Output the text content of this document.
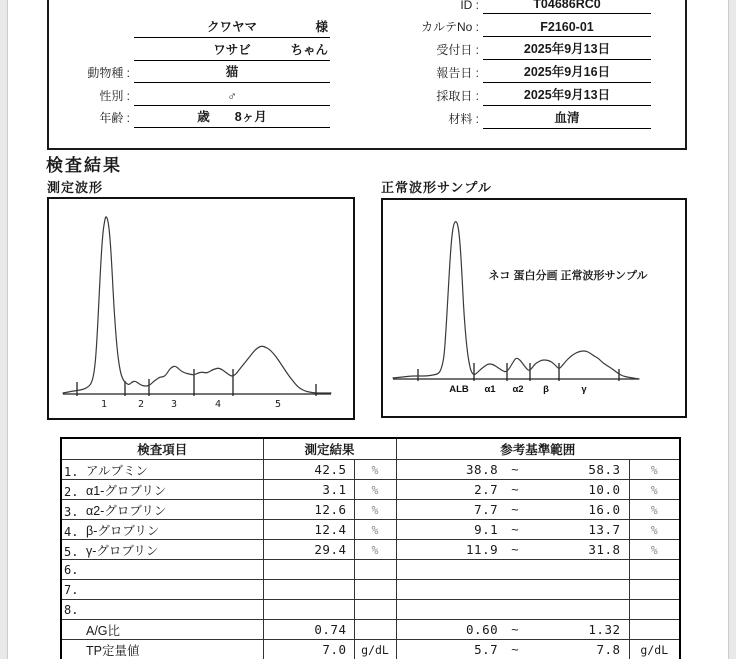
クワヤマ	様
ワサビ	ちゃん
動物種 :	猫
性別 :	♂
年齢 :	歳　　8ヶ月
ID :	T04686RC0
カルテNo :	F2160-01
受付日 :	2025年9月13日
報告日 :	2025年9月16日
採取日 :	2025年9月13日
材料 :	血清
検査結果
測定波形	正常波形サンプル
1	2	3	4	5
ALB α1 α2 β	γ
ネコ 蛋白分画 正常波形サンプル
検査項目	測定結果		参考基準範囲	
1. アルブミン	42.5	%	38.8 ~ 58.3	%
2. α1-グロブリン	3.1	%	2.7 ~ 10.0	%
3. α2-グロブリン	12.6	%	7.7 ~ 16.0	%
4. β-グロブリン	12.4	%	9.1 ~ 13.7	%
5. γ-グロブリン	29.4	%	11.9 ~ 31.8	%
6.			

7.			

8.			

A/G比	0.74		0.60 ~ 1.32	

TP定量値	7.0	g/dL	5.7 ~ 7.8	g/dL
